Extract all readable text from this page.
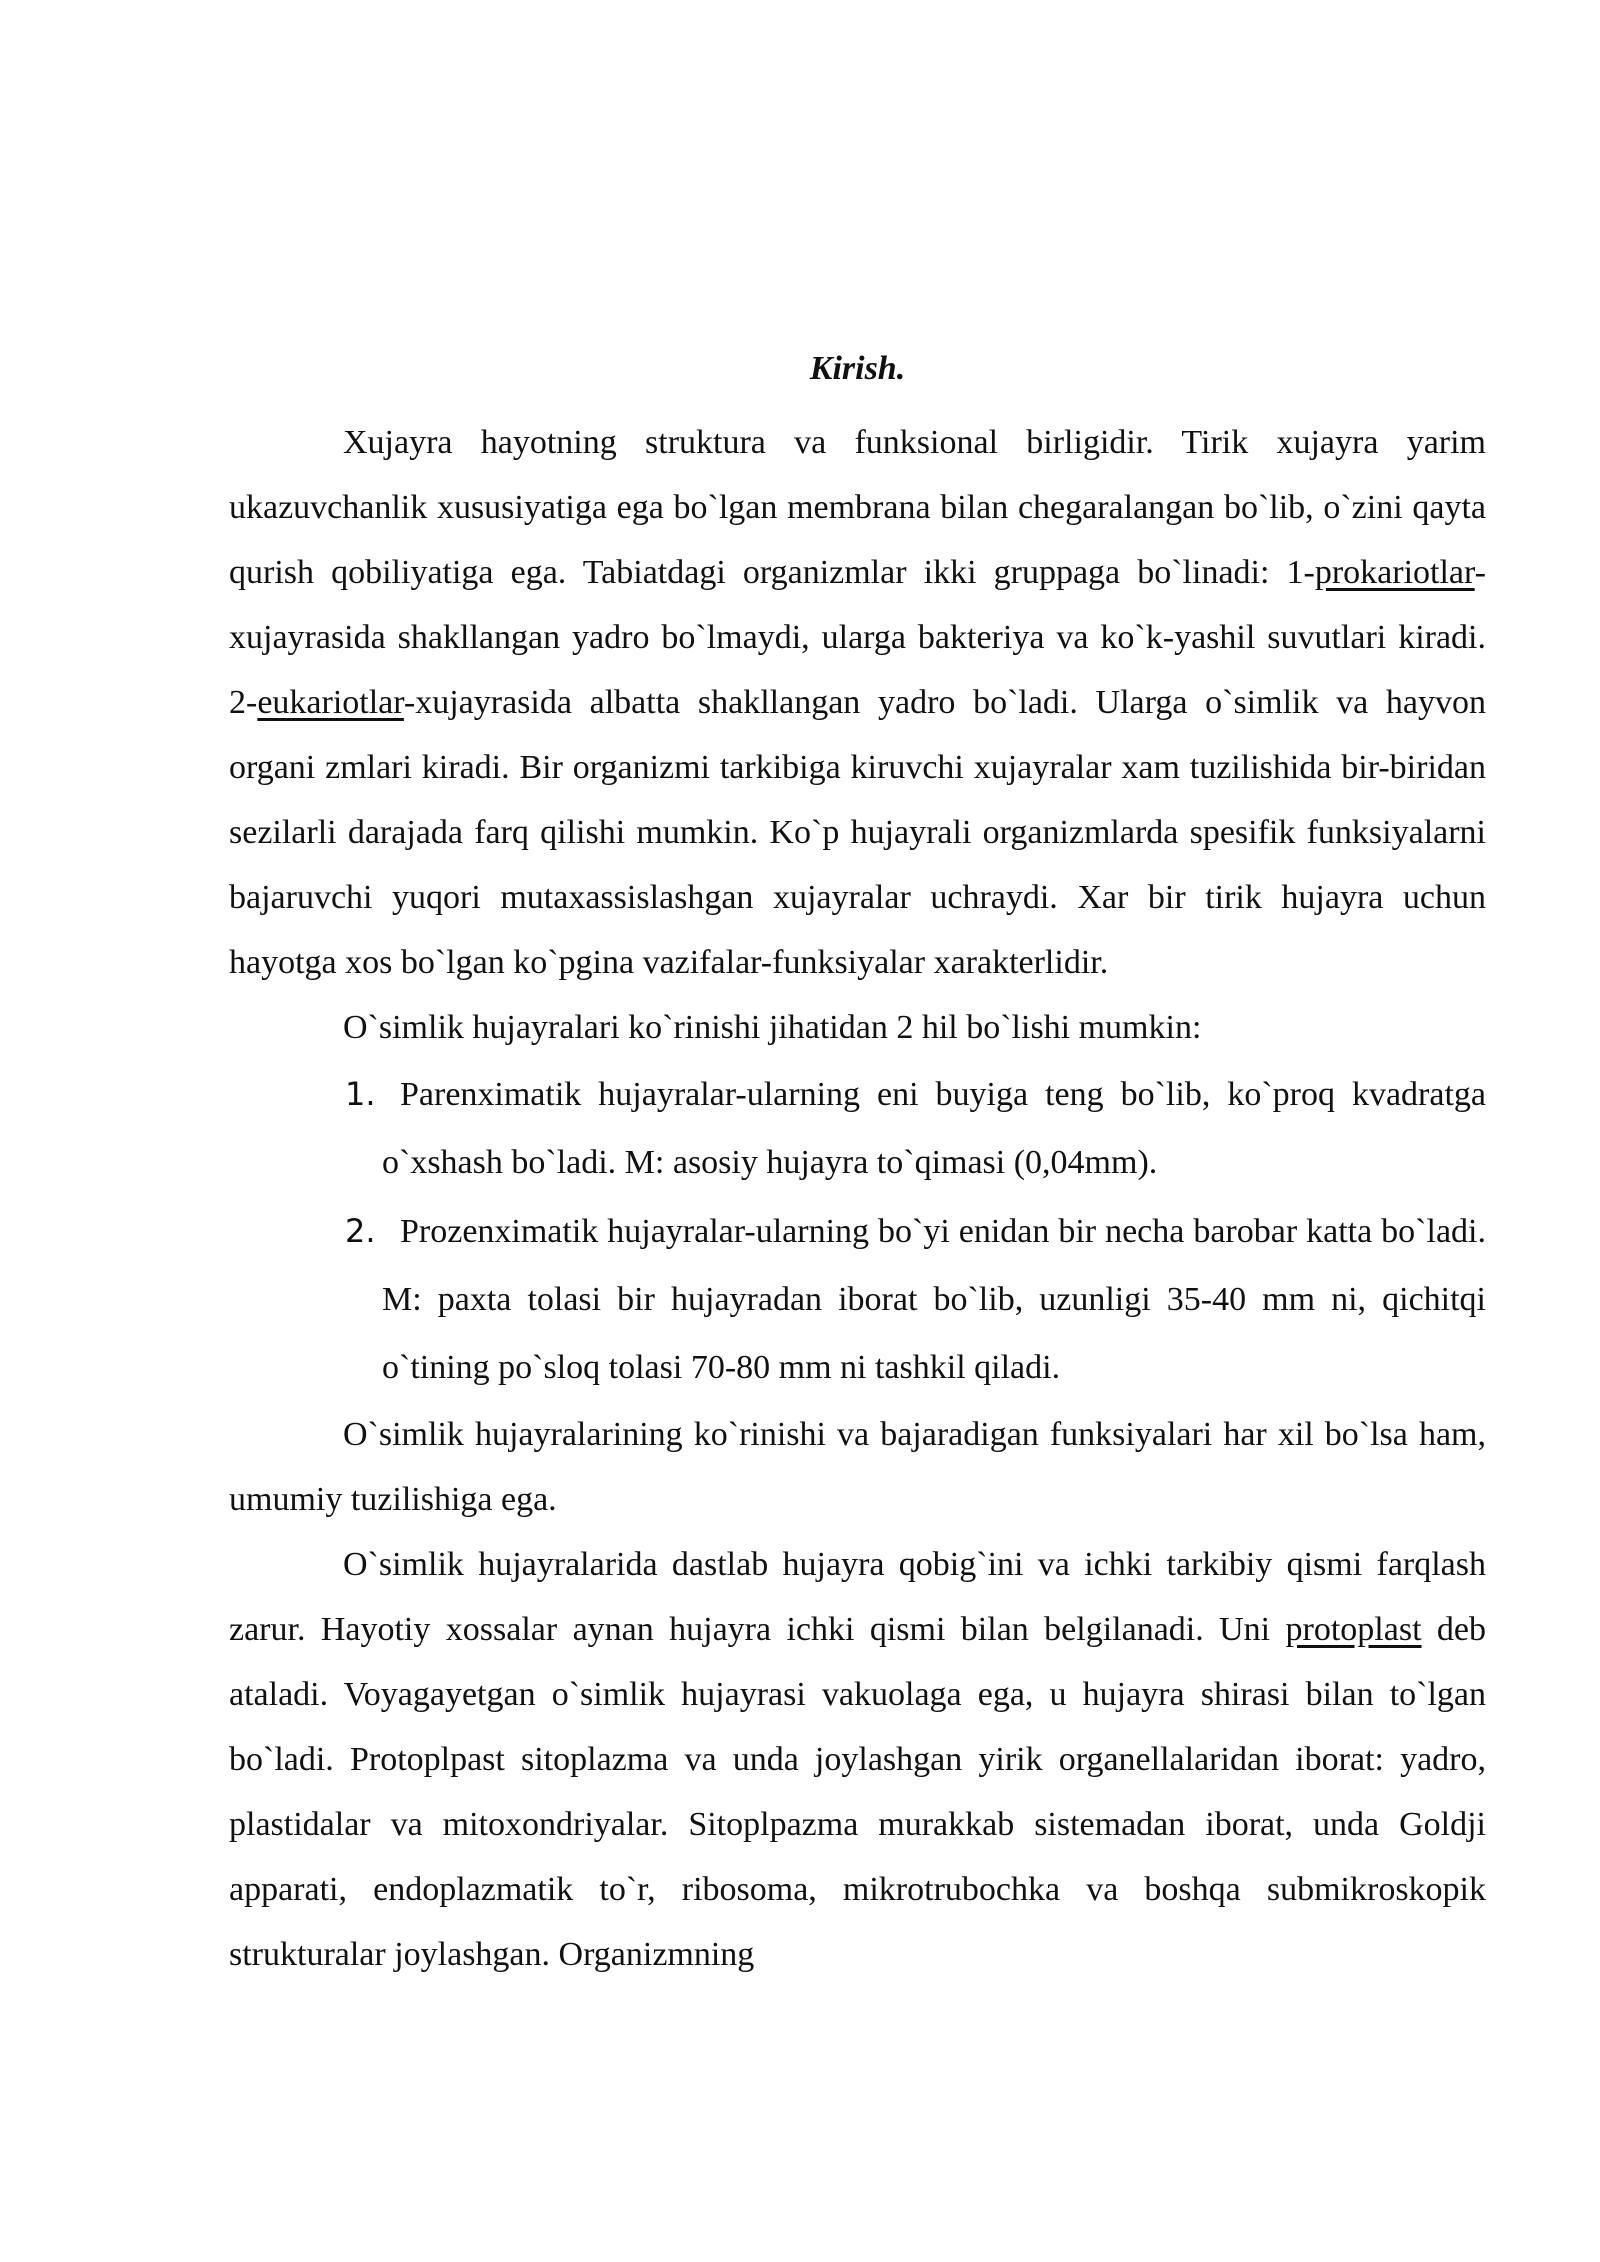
Kirish.

Xujayra hayotning struktura va funksional birligidir. Tirik xujayra yarim ukazuvchanlik xususiyatiga ega bo`lgan membrana bilan chegaralangan bo`lib, o`zini qayta qurish qobiliyatiga ega. Tabiatdagi organizmlar ikki gruppaga bo`linadi: 1-prokariotlar-xujayrasida shakllangan yadro bo`lmaydi, ularga bakteriya va ko`k-yashil suvutlari kiradi. 2-eukariotlar-xujayrasida albatta shakllangan yadro bo`ladi. Ularga o`simlik va hayvon organi zmlari kiradi. Bir organizmi tarkibiga kiruvchi xujayralar xam tuzilishida bir-biridan sezilarli darajada farq qilishi mumkin. Ko`p hujayrali organizmlarda spesifik funksiyalarni bajaruvchi yuqori mutaxassislashgan xujayralar uchraydi. Xar bir tirik hujayra uchun hayotga xos bo`lgan ko`pgina vazifalar-funksiyalar xarakterlidir.

O`simlik hujayralari ko`rinishi jihatidan 2 hil bo`lishi mumkin:

1. Parenximatik hujayralar-ularning eni buyiga teng bo`lib, ko`proq kvadratga o`xshash bo`ladi. M: asosiy hujayra to`qimasi (0,04mm).

2. Prozenximatik hujayralar-ularning bo`yi enidan bir necha barobar katta bo`ladi. M: paxta tolasi bir hujayradan iborat bo`lib, uzunligi 35-40 mm ni, qichitqi o`tining po`sloq tolasi 70-80 mm ni tashkil qiladi.

O`simlik hujayralarining ko`rinishi va bajaradigan funksiyalari har xil bo`lsa ham, umumiy tuzilishiga ega.

O`simlik hujayralarida dastlab hujayra qobig`ini va ichki tarkibiy qismi farqlash zarur. Hayotiy xossalar aynan hujayra ichki qismi bilan belgilanadi. Uni protoplast deb ataladi. Voyagayetgan o`simlik hujayrasi vakuolaga ega, u hujayra shirasi bilan to`lgan bo`ladi. Protoplpast sitoplazma va unda joylashgan yirik organellalaridan iborat: yadro, plastidalar va mitoxondriyalar. Sitoplpazma murakkab sistemadan iborat, unda Goldji apparati, endoplazmatik to`r, ribosoma, mikrotrubochka va boshqa submikroskopik strukturalar joylashgan. Organizmning
